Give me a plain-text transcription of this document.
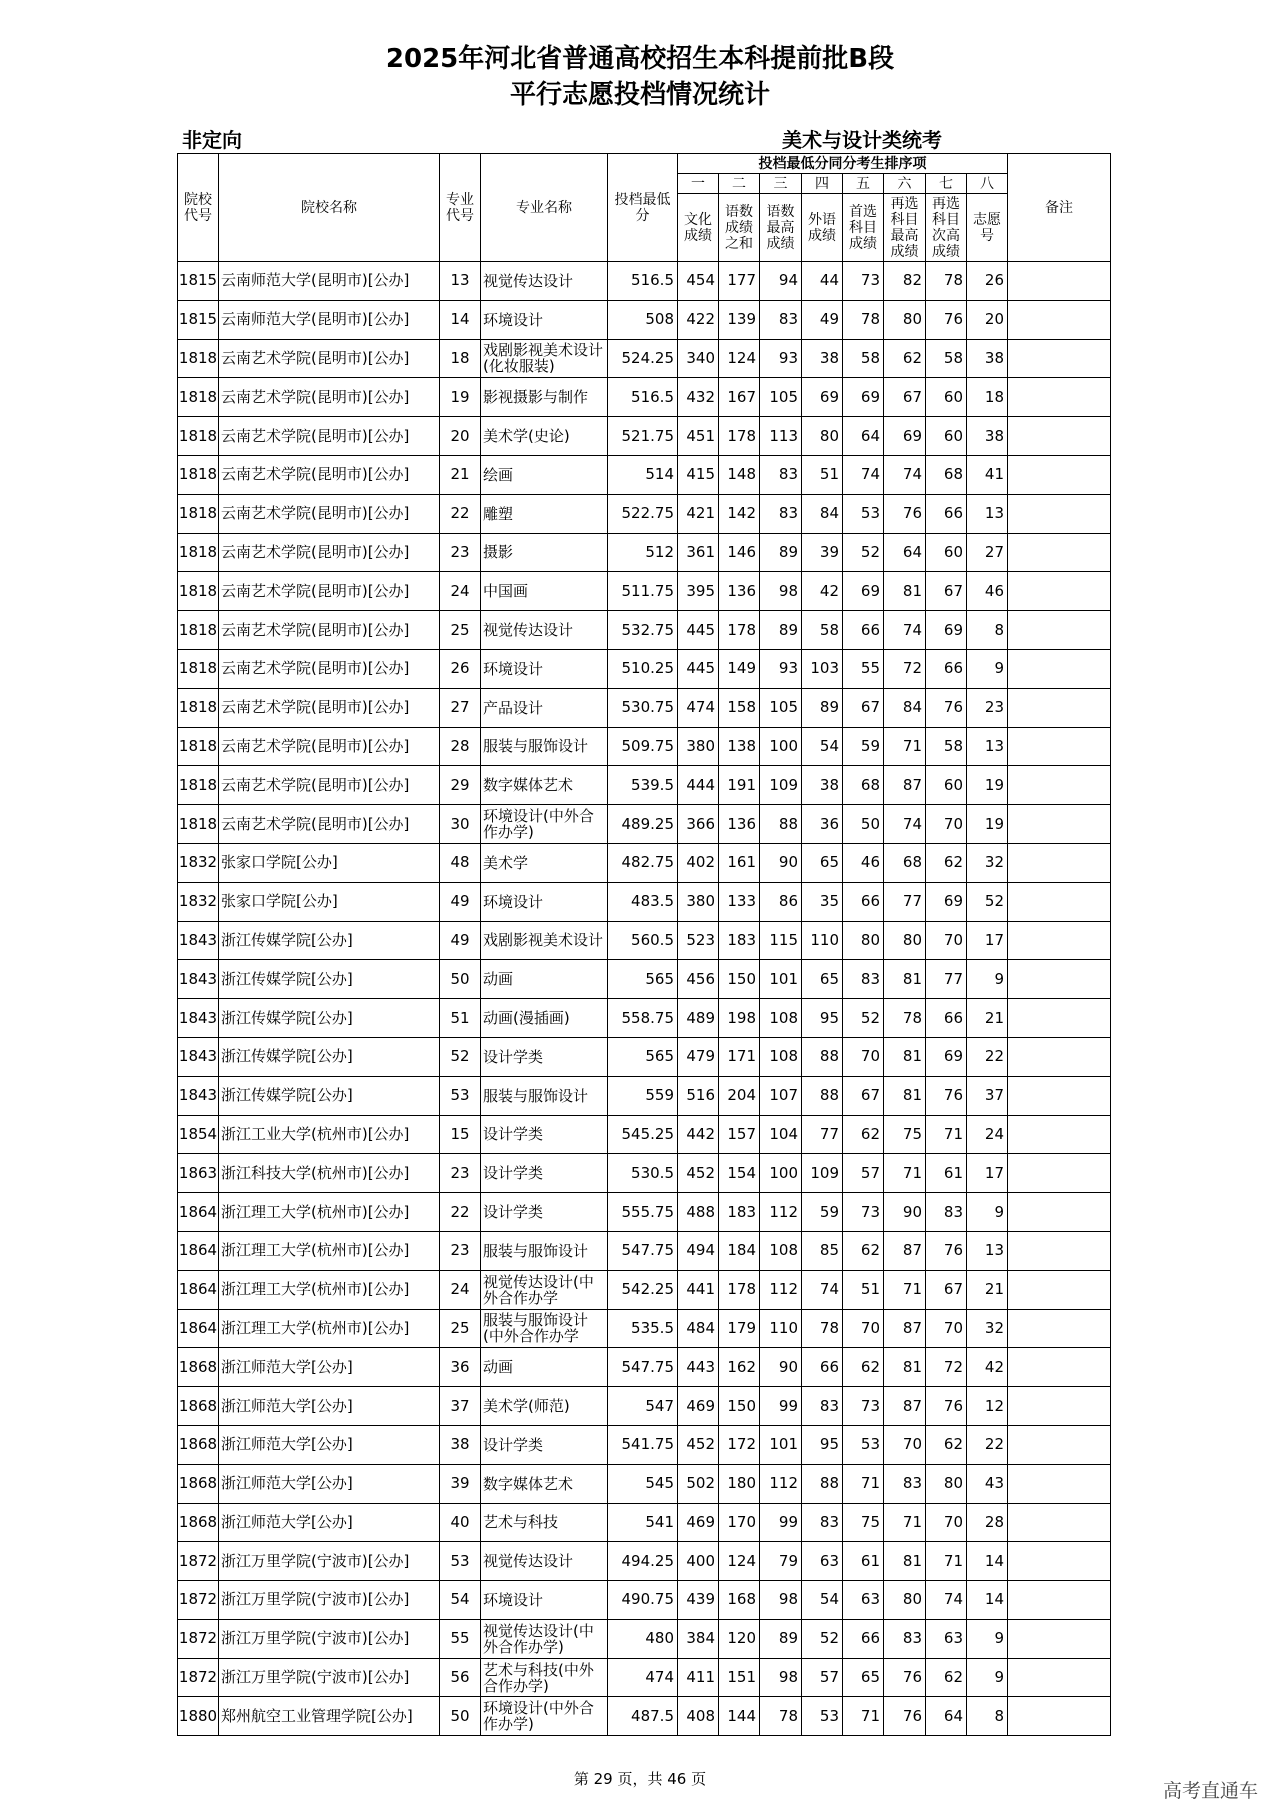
2025年河北省普通高校招生本科提前批B段
平行志愿投档情况统计
非定向	美术与设计类统考
院校代号	院校名称	专业代号	专业名称	投档最低分	投档最低分同分考生排序项								备注
					一	二	三	四	五	六	七	八	
					文化成绩	语数成绩之和	语数最高成绩	外语成绩	首选科目成绩	再选科目最高成绩	再选科目次高成绩	志愿号	
1815	云南师范大学(昆明市)[公办]	13	视觉传达设计	516.5	454	177	94	44	73	82	78	26	
1815	云南师范大学(昆明市)[公办]	14	环境设计	508	422	139	83	49	78	80	76	20	
1818	云南艺术学院(昆明市)[公办]	18	戏剧影视美术设计(化妆服装)	524.25	340	124	93	38	58	62	58	38	
1818	云南艺术学院(昆明市)[公办]	19	影视摄影与制作	516.5	432	167	105	69	69	67	60	18	
1818	云南艺术学院(昆明市)[公办]	20	美术学(史论)	521.75	451	178	113	80	64	69	60	38	
1818	云南艺术学院(昆明市)[公办]	21	绘画	514	415	148	83	51	74	74	68	41	
1818	云南艺术学院(昆明市)[公办]	22	雕塑	522.75	421	142	83	84	53	76	66	13	
1818	云南艺术学院(昆明市)[公办]	23	摄影	512	361	146	89	39	52	64	60	27	
1818	云南艺术学院(昆明市)[公办]	24	中国画	511.75	395	136	98	42	69	81	67	46	
1818	云南艺术学院(昆明市)[公办]	25	视觉传达设计	532.75	445	178	89	58	66	74	69	8	
1818	云南艺术学院(昆明市)[公办]	26	环境设计	510.25	445	149	93	103	55	72	66	9	
1818	云南艺术学院(昆明市)[公办]	27	产品设计	530.75	474	158	105	89	67	84	76	23	
1818	云南艺术学院(昆明市)[公办]	28	服装与服饰设计	509.75	380	138	100	54	59	71	58	13	
1818	云南艺术学院(昆明市)[公办]	29	数字媒体艺术	539.5	444	191	109	38	68	87	60	19	
1818	云南艺术学院(昆明市)[公办]	30	环境设计(中外合作办学)	489.25	366	136	88	36	50	74	70	19	
1832	张家口学院[公办]	48	美术学	482.75	402	161	90	65	46	68	62	32	
1832	张家口学院[公办]	49	环境设计	483.5	380	133	86	35	66	77	69	52	
1843	浙江传媒学院[公办]	49	戏剧影视美术设计	560.5	523	183	115	110	80	80	70	17	
1843	浙江传媒学院[公办]	50	动画	565	456	150	101	65	83	81	77	9	
1843	浙江传媒学院[公办]	51	动画(漫插画)	558.75	489	198	108	95	52	78	66	21	
1843	浙江传媒学院[公办]	52	设计学类	565	479	171	108	88	70	81	69	22	
1843	浙江传媒学院[公办]	53	服装与服饰设计	559	516	204	107	88	67	81	76	37	
1854	浙江工业大学(杭州市)[公办]	15	设计学类	545.25	442	157	104	77	62	75	71	24	
1863	浙江科技大学(杭州市)[公办]	23	设计学类	530.5	452	154	100	109	57	71	61	17	
1864	浙江理工大学(杭州市)[公办]	22	设计学类	555.75	488	183	112	59	73	90	83	9	
1864	浙江理工大学(杭州市)[公办]	23	服装与服饰设计	547.75	494	184	108	85	62	87	76	13	
1864	浙江理工大学(杭州市)[公办]	24	视觉传达设计(中外合作办学	542.25	441	178	112	74	51	71	67	21	
1864	浙江理工大学(杭州市)[公办]	25	服装与服饰设计(中外合作办学	535.5	484	179	110	78	70	87	70	32	
1868	浙江师范大学[公办]	36	动画	547.75	443	162	90	66	62	81	72	42	
1868	浙江师范大学[公办]	37	美术学(师范)	547	469	150	99	83	73	87	76	12	
1868	浙江师范大学[公办]	38	设计学类	541.75	452	172	101	95	53	70	62	22	
1868	浙江师范大学[公办]	39	数字媒体艺术	545	502	180	112	88	71	83	80	43	
1868	浙江师范大学[公办]	40	艺术与科技	541	469	170	99	83	75	71	70	28	
1872	浙江万里学院(宁波市)[公办]	53	视觉传达设计	494.25	400	124	79	63	61	81	71	14	
1872	浙江万里学院(宁波市)[公办]	54	环境设计	490.75	439	168	98	54	63	80	74	14	
1872	浙江万里学院(宁波市)[公办]	55	视觉传达设计(中外合作办学)	480	384	120	89	52	66	83	63	9	
1872	浙江万里学院(宁波市)[公办]	56	艺术与科技(中外合作办学)	474	411	151	98	57	65	76	62	9	
1880	郑州航空工业管理学院[公办]	50	环境设计(中外合作办学)	487.5	408	144	78	53	71	76	64	8	
第 29 页，共 46 页
高考直通车
